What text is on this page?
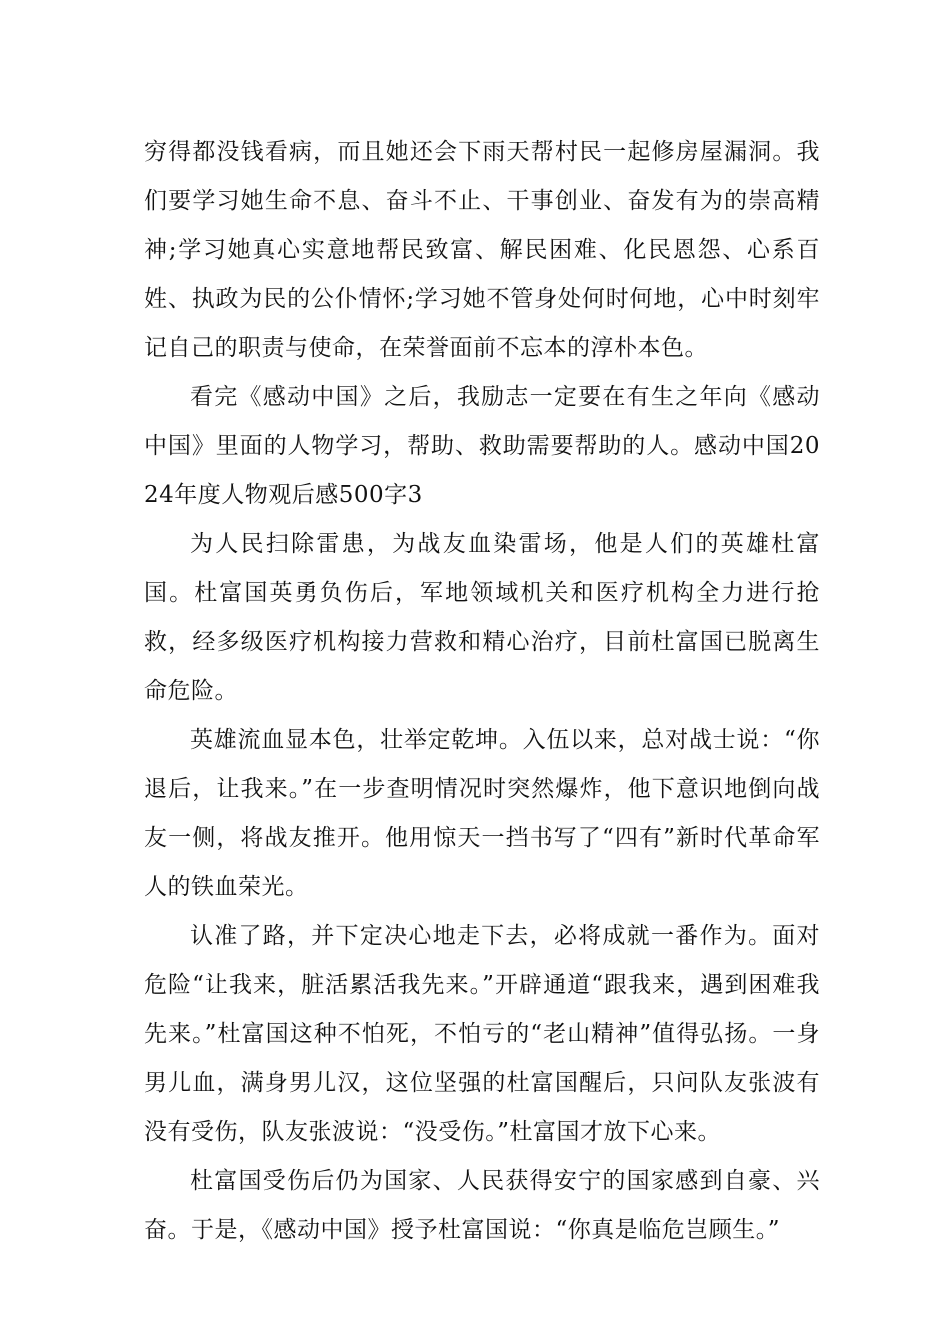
穷得都没钱看病，而且她还会下雨天帮村民一起修房屋漏洞。我们要学习她生命不息、奋斗不止、干事创业、奋发有为的崇高精神;学习她真心实意地帮民致富、解民困难、化民恩怨、心系百姓、执政为民的公仆情怀;学习她不管身处何时何地，心中时刻牢记自己的职责与使命，在荣誉面前不忘本的淳朴本色。

看完《感动中国》之后，我励志一定要在有生之年向《感动中国》里面的人物学习，帮助、救助需要帮助的人。感动中国2024年度人物观后感500字3

为人民扫除雷患，为战友血染雷场，他是人们的英雄杜富国。杜富国英勇负伤后，军地领域机关和医疗机构全力进行抢救，经多级医疗机构接力营救和精心治疗，目前杜富国已脱离生命危险。

英雄流血显本色，壮举定乾坤。入伍以来，总对战士说：“你退后，让我来。”在一步查明情况时突然爆炸，他下意识地倒向战友一侧，将战友推开。他用惊天一挡书写了“四有”新时代革命军人的铁血荣光。

认准了路，并下定决心地走下去，必将成就一番作为。面对危险“让我来，脏活累活我先来。”开辟通道“跟我来，遇到困难我先来。”杜富国这种不怕死，不怕亏的“老山精神”值得弘扬。一身男儿血，满身男儿汉，这位坚强的杜富国醒后，只问队友张波有没有受伤，队友张波说：“没受伤。”杜富国才放下心来。

杜富国受伤后仍为国家、人民获得安宁的国家感到自豪、兴奋。于是，《感动中国》授予杜富国说：“你真是临危岂顾生。”
